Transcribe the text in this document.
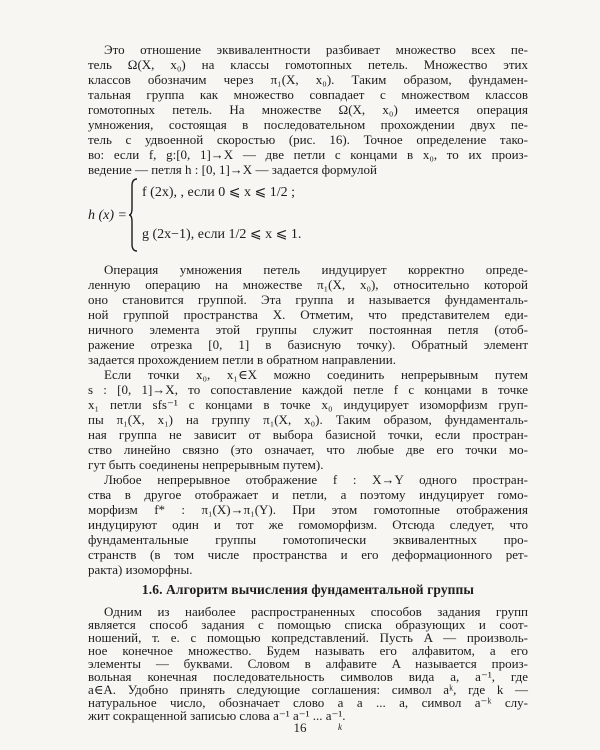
Это отношение эквивалентности разбивает множество всех пе-
тель Ω(X, x₀) на классы гомотопных петель. Множество этих
классов обозначим через π₁(X, x₀). Таким образом, фундамен-
тальная группа как множество совпадает с множеством классов
гомотопных петель. На множестве Ω(X, x₀) имеется операция
умножения, состоящая в последовательном прохождении двух пе-
тель с удвоенной скоростью (рис. 16). Точное определение тако-
во: если f, g:[0, 1]→X — две петли с концами в x₀, то их произ-
ведение — петля h : [0, 1]→X — задается формулой
h (x) =
f (2x), , если 0 ⩽ x ⩽ 1/2 ;
g (2x−1), если 1/2 ⩽ x ⩽ 1.
Операция умножения петель индуцирует корректно опреде-
ленную операцию на множестве π₁(X, x₀), относительно которой
оно становится группой. Эта группа и называется фундаменталь-
ной группой пространства X. Отметим, что представителем еди-
ничного элемента этой группы служит постоянная петля (отоб-
ражение отрезка [0, 1] в базисную точку). Обратный элемент
задается прохождением петли в обратном направлении.
Если точки x₀, x₁∈X можно соединить непрерывным путем
s : [0, 1]→X, то сопоставление каждой петле f с концами в точке
x₁ петли sfs⁻¹ с концами в точке x₀ индуцирует изоморфизм груп-
пы π₁(X, x₁) на группу π₁(X, x₀). Таким образом, фундаменталь-
ная группа не зависит от выбора базисной точки, если простран-
ство линейно связно (это означает, что любые две его точки мо-
гут быть соединены непрерывным путем).
Любое непрерывное отображение f : X→Y одного простран-
ства в другое отображает и петли, а поэтому индуцирует гомо-
морфизм f* : π₁(X)→π₁(Y). При этом гомотопные отображения
индуцируют один и тот же гомоморфизм. Отсюда следует, что
фундаментальные группы гомотопически эквивалентных про-
странств (в том числе пространства и его деформационного рет-
ракта) изоморфны.
1.6. Алгоритм вычисления фундаментальной группы
Одним из наиболее распространенных способов задания групп
является способ задания с помощью списка образующих и соот-
ношений, т. е. с помощью копредставлений. Пусть A — произволь-
ное конечное множество. Будем называть его алфавитом, а его
элементы — буквами. Словом в алфавите A называется произ-
вольная конечная последовательность символов вида a, a⁻¹, где
a∈A. Удобно принять следующие соглашения: символ aᵏ, где k —
натуральное число, обозначает слово a a ... a, символ a⁻ᵏ слу-
жит сокращенной записью слова a⁻¹ a⁻¹ ... a⁻¹.
k
16
